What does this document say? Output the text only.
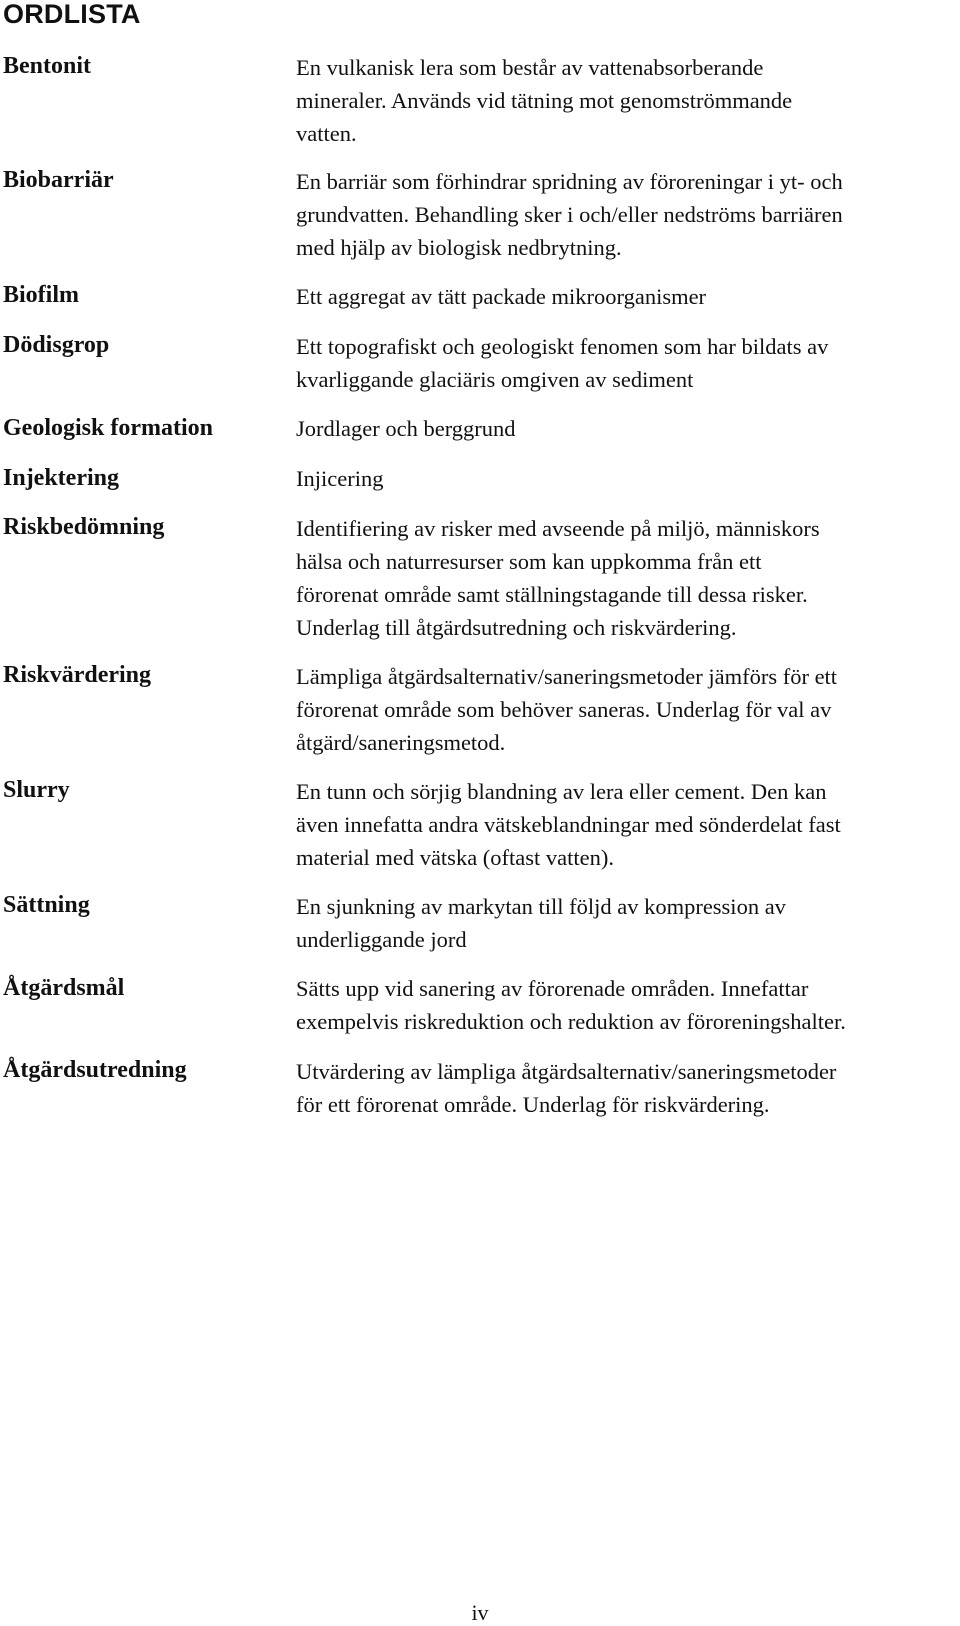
ORDLISTA
Bentonit	En vulkanisk lera som består av vattenabsorberande
mineraler. Används vid tätning mot genomströmmande
vatten.
Biobarriär	En barriär som förhindrar spridning av föroreningar i yt- och
grundvatten. Behandling sker i och/eller nedströms barriären
med hjälp av biologisk nedbrytning.
Biofilm	Ett aggregat av tätt packade mikroorganismer
Dödisgrop	Ett topografiskt och geologiskt fenomen som har bildats av
kvarliggande glaciäris omgiven av sediment
Geologisk formation	Jordlager och berggrund
Injektering	Injicering
Riskbedömning	Identifiering av risker med avseende på miljö, människors
hälsa och naturresurser som kan uppkomma från ett
förorenat område samt ställningstagande till dessa risker.
Underlag till åtgärdsutredning och riskvärdering.
Riskvärdering	Lämpliga åtgärdsalternativ/saneringsmetoder jämförs för ett
förorenat område som behöver saneras. Underlag för val av
åtgärd/saneringsmetod.
Slurry	En tunn och sörjig blandning av lera eller cement. Den kan
även innefatta andra vätskeblandningar med sönderdelat fast
material med vätska (oftast vatten).
Sättning	En sjunkning av markytan till följd av kompression av
underliggande jord
Åtgärdsmål	Sätts upp vid sanering av förorenade områden. Innefattar
exempelvis riskreduktion och reduktion av föroreningshalter.
Åtgärdsutredning	Utvärdering av lämpliga åtgärdsalternativ/saneringsmetoder
för ett förorenat område. Underlag för riskvärdering.
iv
